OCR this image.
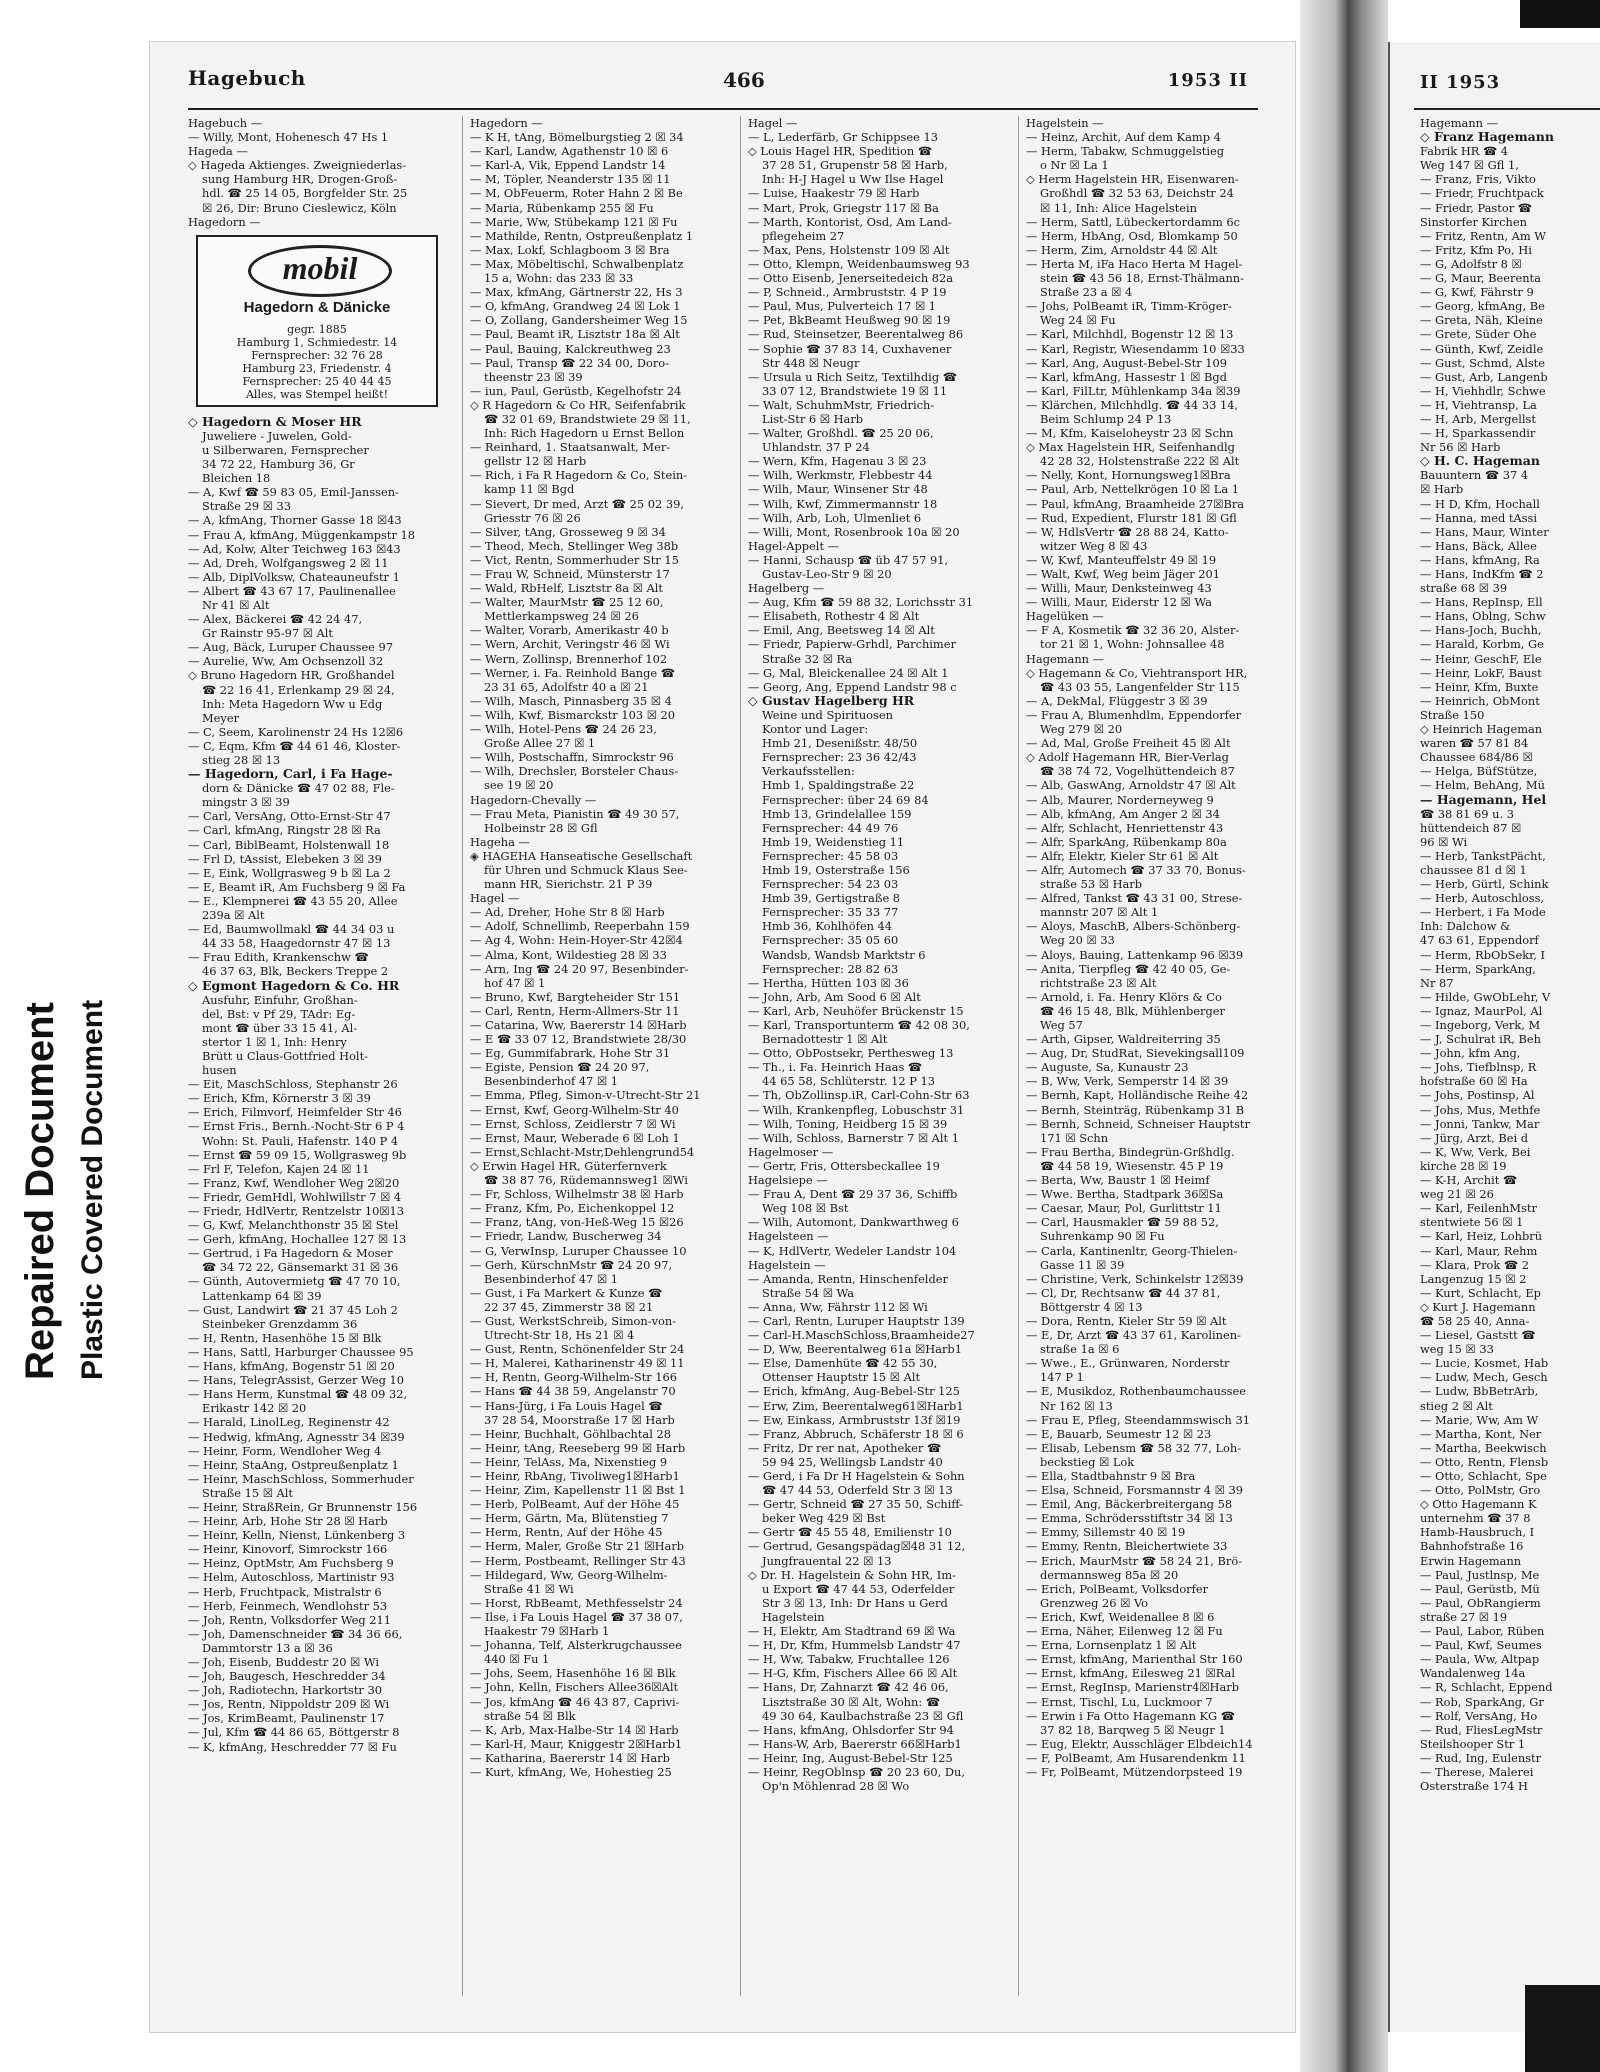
Hagebuch	466	1953 II
Hagebuch —
— Willy, Mont, Hohenesch 47 Hs 1
Hageda —
◇ Hageda Aktienges. Zweigniederlas-
sung Hamburg HR, Drogen-Groß-
hdl. ☎ 25 14 05, Borgfelder Str. 25
☒ 26, Dir: Bruno Cieslewicz, Köln
Hagedorn —
mobil
Hagedorn & Dänicke
gegr. 1885
Hamburg 1, Schmiedestr. 14
Fernsprecher: 32 76 28
Hamburg 23, Friedenstr. 4
Fernsprecher: 25 40 44 45
Alles, was Stempel heißt!
◇ Hagedorn & Moser HR
Juweliere - Juwelen, Gold-
u Silberwaren, Fernsprecher
34 72 22, Hamburg 36, Gr
Bleichen 18
— A, Kwf ☎ 59 83 05, Emil-Janssen-
Straße 29 ☒ 33
— A, kfmAng, Thorner Gasse 18 ☒43
— Frau A, kfmAng, Müggenkampstr 18
— Ad, Kolw, Alter Teichweg 163 ☒43
— Ad, Dreh, Wolfgangsweg 2 ☒ 11
— Alb, DiplVolksw, Chateauneufstr 1
— Albert ☎ 43 67 17, Paulinenallee
Nr 41 ☒ Alt
— Alex, Bäckerei ☎ 42 24 47,
Gr Rainstr 95-97 ☒ Alt
— Aug, Bäck, Luruper Chaussee 97
— Aurelie, Ww, Am Ochsenzoll 32
◇ Bruno Hagedorn HR, Großhandel
☎ 22 16 41, Erlenkamp 29 ☒ 24,
Inh: Meta Hagedorn Ww u Edg
Meyer
— C, Seem, Karolinenstr 24 Hs 12☒6
— C, Eqm, Kfm ☎ 44 61 46, Kloster-
stieg 28 ☒ 13
— Hagedorn, Carl, i Fa Hage-
dorn & Dänicke ☎ 47 02 88, Fle-
mingstr 3 ☒ 39
— Carl, VersAng, Otto-Ernst-Str 47
— Carl, kfmAng, Ringstr 28 ☒ Ra
— Carl, BiblBeamt, Holstenwall 18
— Frl D, tAssist, Elebeken 3 ☒ 39
— E, Eink, Wollgrasweg 9 b ☒ La 2
— E, Beamt iR, Am Fuchsberg 9 ☒ Fa
— E., Klempnerei ☎ 43 55 20, Allee
239a ☒ Alt
— Ed, Baumwollmakl ☎ 44 34 03 u
44 33 58, Haagedornstr 47 ☒ 13
— Frau Edith, Krankenschw ☎
46 37 63, Blk, Beckers Treppe 2
◇ Egmont Hagedorn & Co. HR
Ausfuhr, Einfuhr, Großhan-
del, Bst: v Pf 29, TAdr: Eg-
mont ☎ über 33 15 41, Al-
stertor 1 ☒ 1, Inh: Henry
Brütt u Claus-Gottfried Holt-
husen
— Eit, MaschSchloss, Stephanstr 26
— Erich, Kfm, Körnerstr 3 ☒ 39
— Erich, Filmvorf, Heimfelder Str 46
— Ernst Fris., Bernh.-Nocht-Str 6 P 4
Wohn: St. Pauli, Hafenstr. 140 P 4
— Ernst ☎ 59 09 15, Wollgrasweg 9b
— Frl F, Telefon, Kajen 24 ☒ 11
— Franz, Kwf, Wendloher Weg 2☒20
— Friedr, GemHdl, Wohlwillstr 7 ☒ 4
— Friedr, HdlVertr, Rentzelstr 10☒13
— G, Kwf, Melanchthonstr 35 ☒ Stel
— Gerh, kfmAng, Hochallee 127 ☒ 13
— Gertrud, i Fa Hagedorn & Moser
☎ 34 72 22, Gänsemarkt 31 ☒ 36
— Günth, Autovermietg ☎ 47 70 10,
Lattenkamp 64 ☒ 39
— Gust, Landwirt ☎ 21 37 45 Loh 2
Steinbeker Grenzdamm 36
— H, Rentn, Hasenhöhe 15 ☒ Blk
— Hans, Sattl, Harburger Chaussee 95
— Hans, kfmAng, Bogenstr 51 ☒ 20
— Hans, TelegrAssist, Gerzer Weg 10
— Hans Herm, Kunstmal ☎ 48 09 32,
Erikastr 142 ☒ 20
— Harald, LinolLeg, Reginenstr 42
— Hedwig, kfmAng, Agnesstr 34 ☒39
— Heinr, Form, Wendloher Weg 4
— Heinr, StaAng, Ostpreußenplatz 1
— Heinr, MaschSchloss, Sommerhuder
Straße 15 ☒ Alt
— Heinr, StraßRein, Gr Brunnenstr 156
— Heinr, Arb, Hohe Str 28 ☒ Harb
— Heinr, Kelln, Nienst, Lünkenberg 3
— Heinr, Kinovorf, Simrockstr 166
— Heinz, OptMstr, Am Fuchsberg 9
— Helm, Autoschloss, Martinistr 93
— Herb, Fruchtpack, Mistralstr 6
— Herb, Feinmech, Wendlohstr 53
— Joh, Rentn, Volksdorfer Weg 211
— Joh, Damenschneider ☎ 34 36 66,
Dammtorstr 13 a ☒ 36
— Joh, Eisenb, Buddestr 20 ☒ Wi
— Joh, Baugesch, Heschredder 34
— Joh, Radiotechn, Harkortstr 30
— Jos, Rentn, Nippoldstr 209 ☒ Wi
— Jos, KrimBeamt, Paulinenstr 17
— Jul, Kfm ☎ 44 86 65, Böttgerstr 8
— K, kfmAng, Heschredder 77 ☒ Fu
Hagedorn —
— K H, tAng, Bömelburgstieg 2 ☒ 34
— Karl, Landw, Agathenstr 10 ☒ 6
— Karl-A, Vik, Eppend Landstr 14
— M, Töpler, Neanderstr 135 ☒ 11
— M, ObFeuerm, Roter Hahn 2 ☒ Be
— Maria, Rübenkamp 255 ☒ Fu
— Marie, Ww, Stübekamp 121 ☒ Fu
— Mathilde, Rentn, Ostpreußenplatz 1
— Max, Lokf, Schlagboom 3 ☒ Bra
— Max, Möbeltischl, Schwalbenplatz
15 a, Wohn: das 233 ☒ 33
— Max, kfmAng, Gärtnerstr 22, Hs 3
— O, kfmAng, Grandweg 24 ☒ Lok 1
— O, Zollang, Gandersheimer Weg 15
— Paul, Beamt iR, Lisztstr 18a ☒ Alt
— Paul, Bauing, Kalckreuthweg 23
— Paul, Transp ☎ 22 34 00, Doro-
theenstr 23 ☒ 39
— iun, Paul, Gerüstb, Kegelhofstr 24
◇ R Hagedorn & Co HR, Seifenfabrik
☎ 32 01 69, Brandstwiete 29 ☒ 11,
Inh: Rich Hagedorn u Ernst Bellon
— Reinhard, 1. Staatsanwalt, Mer-
gellstr 12 ☒ Harb
— Rich, i Fa R Hagedorn & Co, Stein-
kamp 11 ☒ Bgd
— Sievert, Dr med, Arzt ☎ 25 02 39,
Griesstr 76 ☒ 26
— Silver, tAng, Grosseweg 9 ☒ 34
— Theod, Mech, Stellinger Weg 38b
— Vict, Rentn, Sommerhuder Str 15
— Frau W, Schneid, Münsterstr 17
— Wald, RbHelf, Lisztstr 8a ☒ Alt
— Walter, MaurMstr ☎ 25 12 60,
Mettlerkampsweg 24 ☒ 26
— Walter, Vorarb, Amerikastr 40 b
— Wern, Archit, Veringstr 46 ☒ Wi
— Wern, Zollinsp, Brennerhof 102
— Werner, i. Fa. Reinhold Bange ☎
23 31 65, Adolfstr 40 a ☒ 21
— Wilh, Masch, Pinnasberg 35 ☒ 4
— Wilh, Kwf, Bismarckstr 103 ☒ 20
— Wilh, Hotel-Pens ☎ 24 26 23,
Große Allee 27 ☒ 1
— Wilh, Postschaffn, Simrockstr 96
— Wilh, Drechsler, Borsteler Chaus-
see 19 ☒ 20
Hagedorn-Chevally —
— Frau Meta, Pianistin ☎ 49 30 57,
Holbeinstr 28 ☒ Gfl
Hageha —
◈ HAGEHA Hanseatische Gesellschaft
für Uhren und Schmuck Klaus See-
mann HR, Sierichstr. 21 P 39
Hagel —
— Ad, Dreher, Hohe Str 8 ☒ Harb
— Adolf, Schnellimb, Reeperbahn 159
— Ag 4, Wohn: Hein-Hoyer-Str 42☒4
— Alma, Kont, Wildestieg 28 ☒ 33
— Arn, Ing ☎ 24 20 97, Besenbinder-
hof 47 ☒ 1
— Bruno, Kwf, Bargteheider Str 151
— Carl, Rentn, Herm-Allmers-Str 11
— Catarina, Ww, Baererstr 14 ☒Harb
— E ☎ 33 07 12, Brandstwiete 28/30
— Eg, Gummifabrark, Hohe Str 31
— Egiste, Pension ☎ 24 20 97,
Besenbinderhof 47 ☒ 1
— Emma, Pfleg, Simon-v-Utrecht-Str 21
— Ernst, Kwf, Georg-Wilhelm-Str 40
— Ernst, Schloss, Zeidlerstr 7 ☒ Wi
— Ernst, Maur, Weberade 6 ☒ Loh 1
— Ernst,Schlacht-Mstr,Dehlengrund54
◇ Erwin Hagel HR, Güterfernverk
☎ 38 87 76, Rüdemannsweg1 ☒Wi
— Fr, Schloss, Wilhelmstr 38 ☒ Harb
— Franz, Kfm, Po, Eichenkoppel 12
— Franz, tAng, von-Heß-Weg 15 ☒26
— Friedr, Landw, Buscherweg 34
— G, VerwInsp, Luruper Chaussee 10
— Gerh, KürschnMstr ☎ 24 20 97,
Besenbinderhof 47 ☒ 1
— Gust, i Fa Markert & Kunze ☎
22 37 45, Zimmerstr 38 ☒ 21
— Gust, WerkstSchreib, Simon-von-
Utrecht-Str 18, Hs 21 ☒ 4
— Gust, Rentn, Schönenfelder Str 24
— H, Malerei, Katharinenstr 49 ☒ 11
— H, Rentn, Georg-Wilhelm-Str 166
— Hans ☎ 44 38 59, Angelanstr 70
— Hans-Jürg, i Fa Louis Hagel ☎
37 28 54, Moorstraße 17 ☒ Harb
— Heinr, Buchhalt, Göhlbachtal 28
— Heinr, tAng, Reeseberg 99 ☒ Harb
— Heinr, TelAss, Ma, Nixenstieg 9
— Heinr, RbAng, Tivoliweg1☒Harb1
— Heinr, Zim, Kapellenstr 11 ☒ Bst 1
— Herb, PolBeamt, Auf der Höhe 45
— Herm, Gärtn, Ma, Blütenstieg 7
— Herm, Rentn, Auf der Höhe 45
— Herm, Maler, Große Str 21 ☒Harb
— Herm, Postbeamt, Rellinger Str 43
— Hildegard, Ww, Georg-Wilhelm-
Straße 41 ☒ Wi
— Horst, RbBeamt, Methfesselstr 24
— Ilse, i Fa Louis Hagel ☎ 37 38 07,
Haakestr 79 ☒Harb 1
— Johanna, Telf, Alsterkrugchaussee
440 ☒ Fu 1
— Johs, Seem, Hasenhöhe 16 ☒ Blk
— John, Kelln, Fischers Allee36☒Alt
— Jos, kfmAng ☎ 46 43 87, Caprivi-
straße 54 ☒ Blk
— K, Arb, Max-Halbe-Str 14 ☒ Harb
— Karl-H, Maur, Kniggestr 2☒Harb1
— Katharina, Baererstr 14 ☒ Harb
— Kurt, kfmAng, We, Hohestieg 25
Hagel —
— L, Lederfärb, Gr Schippsee 13
◇ Louis Hagel HR, Spedition ☎
37 28 51, Grupenstr 58 ☒ Harb,
Inh: H-J Hagel u Ww Ilse Hagel
— Luise, Haakestr 79 ☒ Harb
— Mart, Prok, Griegstr 117 ☒ Ba
— Marth, Kontorist, Osd, Am Land-
pflegeheim 27
— Max, Pens, Holstenstr 109 ☒ Alt
— Otto, Klempn, Weidenbaumsweg 93
— Otto Eisenb, Jenerseitedeich 82a
— P, Schneid., Armbruststr. 4 P 19
— Paul, Mus, Pulverteich 17 ☒ 1
— Pet, BkBeamt Heußweg 90 ☒ 19
— Rud, Steinsetzer, Beerentalweg 86
— Sophie ☎ 37 83 14, Cuxhavener
Str 448 ☒ Neugr
— Ursula u Rich Seitz, Textilhdig ☎
33 07 12, Brandstwiete 19 ☒ 11
— Walt, SchuhmMstr, Friedrich-
List-Str 6 ☒ Harb
— Walter, Großhdl. ☎ 25 20 06,
Uhlandstr. 37 P 24
— Wern, Kfm, Hagenau 3 ☒ 23
— Wilh, Werkmstr, Flebbestr 44
— Wilh, Maur, Winsener Str 48
— Wilh, Kwf, Zimmermannstr 18
— Wilh, Arb, Loh, Ulmenliet 6
— Willi, Mont, Rosenbrook 10a ☒ 20
Hagel-Appelt —
— Hanni, Schausp ☎ üb 47 57 91,
Gustav-Leo-Str 9 ☒ 20
Hagelberg —
— Aug, Kfm ☎ 59 88 32, Lorichsstr 31
— Elisabeth, Rothestr 4 ☒ Alt
— Emil, Ang, Beetsweg 14 ☒ Alt
— Friedr, Papierw-Grhdl, Parchimer
Straße 32 ☒ Ra
— G, Mal, Bleickenallee 24 ☒ Alt 1
— Georg, Ang, Eppend Landstr 98 c
◇ Gustav Hagelberg HR
Weine und Spirituosen
Kontor und Lager:
Hmb 21, Desenißstr. 48/50
Fernsprecher: 23 36 42/43
Verkaufsstellen:
Hmb 1, Spaldingstraße 22
Fernsprecher: über 24 69 84
Hmb 13, Grindelallee 159
Fernsprecher: 44 49 76
Hmb 19, Weidenstieg 11
Fernsprecher: 45 58 03
Hmb 19, Osterstraße 156
Fernsprecher: 54 23 03
Hmb 39, Gertigstraße 8
Fernsprecher: 35 33 77
Hmb 36, Kohlhöfen 44
Fernsprecher: 35 05 60
Wandsb, Wandsb Marktstr 6
Fernsprecher: 28 82 63
— Hertha, Hütten 103 ☒ 36
— John, Arb, Am Sood 6 ☒ Alt
— Karl, Arb, Neuhöfer Brückenstr 15
— Karl, Transportunterm ☎ 42 08 30,
Bernadottestr 1 ☒ Alt
— Otto, ObPostsekr, Perthesweg 13
— Th., i. Fa. Heinrich Haas ☎
44 65 58, Schlüterstr. 12 P 13
— Th, ObZollinsp.iR, Carl-Cohn-Str 63
— Wilh, Krankenpfleg, Lobuschstr 31
— Wilh, Toning, Heidberg 15 ☒ 39
— Wilh, Schloss, Barnerstr 7 ☒ Alt 1
Hagelmoser —
— Gertr, Fris, Ottersbeckallee 19
Hagelsiepe —
— Frau A, Dent ☎ 29 37 36, Schiffb
Weg 108 ☒ Bst
— Wilh, Automont, Dankwarthweg 6
Hagelsteen —
— K, HdlVertr, Wedeler Landstr 104
Hagelstein —
— Amanda, Rentn, Hinschenfelder
Straße 54 ☒ Wa
— Anna, Ww, Fährstr 112 ☒ Wi
— Carl, Rentn, Luruper Hauptstr 139
— Carl-H.MaschSchloss,Braamheide27
— D, Ww, Beerentalweg 61a ☒Harb1
— Else, Damenhüte ☎ 42 55 30,
Ottenser Hauptstr 15 ☒ Alt
— Erich, kfmAng, Aug-Bebel-Str 125
— Erw, Zim, Beerentalweg61☒Harb1
— Ew, Einkass, Armbruststr 13f ☒19
— Franz, Abbruch, Schäferstr 18 ☒ 6
— Fritz, Dr rer nat, Apotheker ☎
59 94 25, Wellingsb Landstr 40
— Gerd, i Fa Dr H Hagelstein & Sohn
☎ 47 44 53, Oderfeld Str 3 ☒ 13
— Gertr, Schneid ☎ 27 35 50, Schiff-
beker Weg 429 ☒ Bst
— Gertr ☎ 45 55 48, Emilienstr 10
— Gertrud, Gesangspädag☒48 31 12,
Jungfrauental 22 ☒ 13
◇ Dr. H. Hagelstein & Sohn HR, Im-
u Export ☎ 47 44 53, Oderfelder
Str 3 ☒ 13, Inh: Dr Hans u Gerd
Hagelstein
— H, Elektr, Am Stadtrand 69 ☒ Wa
— H, Dr, Kfm, Hummelsb Landstr 47
— H, Ww, Tabakw, Fruchtallee 126
— H-G, Kfm, Fischers Allee 66 ☒ Alt
— Hans, Dr, Zahnarzt ☎ 42 46 06,
Lisztstraße 30 ☒ Alt, Wohn: ☎
49 30 64, Kaulbachstraße 23 ☒ Gfl
— Hans, kfmAng, Ohlsdorfer Str 94
— Hans-W, Arb, Baererstr 66☒Harb1
— Heinr, Ing, August-Bebel-Str 125
— Heinr, RegOblnsp ☎ 20 23 60, Du,
Op'n Möhlenrad 28 ☒ Wo
Hagelstein —
— Heinz, Archit, Auf dem Kamp 4
— Herm, Tabakw, Schmuggelstieg
o Nr ☒ La 1
◇ Herm Hagelstein HR, Eisenwaren-
Großhdl ☎ 32 53 63, Deichstr 24
☒ 11, Inh: Alice Hagelstein
— Herm, Sattl, Lübeckertordamm 6c
— Herm, HbAng, Osd, Blomkamp 50
— Herm, Zim, Arnoldstr 44 ☒ Alt
— Herta M, iFa Haco Herta M Hagel-
stein ☎ 43 56 18, Ernst-Thälmann-
Straße 23 a ☒ 4
— Johs, PolBeamt iR, Timm-Kröger-
Weg 24 ☒ Fu
— Karl, Milchhdl, Bogenstr 12 ☒ 13
— Karl, Registr, Wiesendamm 10 ☒33
— Karl, Ang, August-Bebel-Str 109
— Karl, kfmAng, Hassestr 1 ☒ Bgd
— Karl, FilLtr, Mühlenkamp 34a ☒39
— Klärchen, Milchhdlg. ☎ 44 33 14,
Beim Schlump 24 P 13
— M, Kfm, Kaiseloheystr 23 ☒ Schn
◇ Max Hagelstein HR, Seifenhandlg
42 28 32, Holstenstraße 222 ☒ Alt
— Nelly, Kont, Hornungsweg1☒Bra
— Paul, Arb, Nettelkrögen 10 ☒ La 1
— Paul, kfmAng, Braamheide 27☒Bra
— Rud, Expedient, Flurstr 181 ☒ Gfl
— W, HdlsVertr ☎ 28 88 24, Katto-
witzer Weg 8 ☒ 43
— W, Kwf, Manteuffelstr 49 ☒ 19
— Walt, Kwf, Weg beim Jäger 201
— Willi, Maur, Denksteinweg 43
— Willi, Maur, Eiderstr 12 ☒ Wa
Hagelüken —
— F A, Kosmetik ☎ 32 36 20, Alster-
tor 21 ☒ 1, Wohn: Johnsallee 48
Hagemann —
◇ Hagemann & Co, Viehtransport HR,
☎ 43 03 55, Langenfelder Str 115
— A, DekMal, Flüggestr 3 ☒ 39
— Frau A, Blumenhdlm, Eppendorfer
Weg 279 ☒ 20
— Ad, Mal, Große Freiheit 45 ☒ Alt
◇ Adolf Hagemann HR, Bier-Verlag
☎ 38 74 72, Vogelhüttendeich 87
— Alb, GaswAng, Arnoldstr 47 ☒ Alt
— Alb, Maurer, Norderneyweg 9
— Alb, kfmAng, Am Anger 2 ☒ 34
— Alfr, Schlacht, Henriettenstr 43
— Alfr, SparkAng, Rübenkamp 80a
— Alfr, Elektr, Kieler Str 61 ☒ Alt
— Alfr, Automech ☎ 37 33 70, Bonus-
straße 53 ☒ Harb
— Alfred, Tankst ☎ 43 31 00, Strese-
mannstr 207 ☒ Alt 1
— Aloys, MaschB, Albers-Schönberg-
Weg 20 ☒ 33
— Aloys, Bauing, Lattenkamp 96 ☒39
— Anita, Tierpfleg ☎ 42 40 05, Ge-
richtstraße 23 ☒ Alt
— Arnold, i. Fa. Henry Klörs & Co
☎ 46 15 48, Blk, Mühlenberger
Weg 57
— Arth, Gipser, Waldreiterring 35
— Aug, Dr, StudRat, Sievekingsall109
— Auguste, Sa, Kunaustr 23
— B, Ww, Verk, Semperstr 14 ☒ 39
— Bernh, Kapt, Holländische Reihe 42
— Bernh, Steinträg, Rübenkamp 31 B
— Bernh, Schneid, Schneiser Hauptstr
171 ☒ Schn
— Frau Bertha, Bindegrün-Grßhdlg.
☎ 44 58 19, Wiesenstr. 45 P 19
— Berta, Ww, Baustr 1 ☒ Heimf
— Wwe. Bertha, Stadtpark 36☒Sa
— Caesar, Maur, Pol, Gurlittstr 11
— Carl, Hausmakler ☎ 59 88 52,
Suhrenkamp 90 ☒ Fu
— Carla, Kantinenltr, Georg-Thielen-
Gasse 11 ☒ 39
— Christine, Verk, Schinkelstr 12☒39
— Cl, Dr, Rechtsanw ☎ 44 37 81,
Böttgerstr 4 ☒ 13
— Dora, Rentn, Kieler Str 59 ☒ Alt
— E, Dr, Arzt ☎ 43 37 61, Karolinen-
straße 1a ☒ 6
— Wwe., E., Grünwaren, Norderstr
147 P 1
— E, Musikdoz, Rothenbaumchaussee
Nr 162 ☒ 13
— Frau E, Pfleg, Steendammswisch 31
— E, Bauarb, Seumestr 12 ☒ 23
— Elisab, Lebensm ☎ 58 32 77, Loh-
beckstieg ☒ Lok
— Ella, Stadtbahnstr 9 ☒ Bra
— Elsa, Schneid, Forsmannstr 4 ☒ 39
— Emil, Ang, Bäckerbreitergang 58
— Emma, Schrödersstiftstr 34 ☒ 13
— Emmy, Sillemstr 40 ☒ 19
— Emmy, Rentn, Bleichertwiete 33
— Erich, MaurMstr ☎ 58 24 21, Brö-
dermannsweg 85a ☒ 20
— Erich, PolBeamt, Volksdorfer
Grenzweg 26 ☒ Vo
— Erich, Kwf, Weidenallee 8 ☒ 6
— Erna, Näher, Eilenweg 12 ☒ Fu
— Erna, Lornsenplatz 1 ☒ Alt
— Ernst, kfmAng, Marienthal Str 160
— Ernst, kfmAng, Eilesweg 21 ☒Ral
— Ernst, RegInsp, Marienstr4☒Harb
— Ernst, Tischl, Lu, Luckmoor 7
— Erwin i Fa Otto Hagemann KG ☎
37 82 18, Barqweg 5 ☒ Neugr 1
— Eug, Elektr, Ausschläger Elbdeich14
— F, PolBeamt, Am Husarendenkm 11
— Fr, PolBeamt, Mützendorpsteed 19
II 1953
Hagemann —
◇ Franz Hagemann
Fabrik HR ☎ 4
Weg 147 ☒ Gfl 1,
— Franz, Fris, Vikto
— Friedr, Fruchtpack
— Friedr, Pastor ☎
Sinstorfer Kirchen
— Fritz, Rentn, Am W
— Fritz, Kfm Po, Hi
— G, Adolfstr 8 ☒
— G, Maur, Beerenta
— G, Kwf, Fährstr 9
— Georg, kfmAng, Be
— Greta, Näh, Kleine
— Grete, Süder Ohe
— Günth, Kwf, Zeidle
— Gust, Schmd, Alste
— Gust, Arb, Langenb
— H, Viehhdlr, Schwe
— H, Viehtransp, La
— H, Arb, Mergellst
— H, Sparkassendir
Nr 56 ☒ Harb
◇ H. C. Hageman
Bauuntern ☎ 37 4
☒ Harb
— H D, Kfm, Hochall
— Hanna, med tAssi
— Hans, Maur, Winter
— Hans, Bäck, Allee
— Hans, kfmAng, Ra
— Hans, IndKfm ☎ 2
straße 68 ☒ 39
— Hans, RepInsp, Ell
— Hans, Oblng, Schw
— Hans-Joch, Buchh,
— Harald, Korbm, Ge
— Heinr, GeschF, Ele
— Heinr, LokF, Baust
— Heinr, Kfm, Buxte
— Heinrich, ObMont
Straße 150
◇ Heinrich Hageman
waren ☎ 57 81 84
Chaussee 684/86 ☒
— Helga, BüfStütze,
— Helm, BehAng, Mü
— Hagemann, Hel
☎ 38 81 69 u. 3
hüttendeich 87 ☒
96 ☒ Wi
— Herb, TankstPächt,
chaussee 81 d ☒ 1
— Herb, Gürtl, Schink
— Herb, Autoschloss,
— Herbert, i Fa Mode
Inh: Dalchow &
47 63 61, Eppendorf
— Herm, RbObSekr, I
— Herm, SparkAng,
Nr 87
— Hilde, GwObLehr, V
— Ignaz, MaurPol, Al
— Ingeborg, Verk, M
— J, Schulrat iR, Beh
— John, kfm Ang,
— Johs, Tiefblnsp, R
hofstraße 60 ☒ Ha
— Johs, Postinsp, Al
— Johs, Mus, Methfe
— Jonni, Tankw, Mar
— Jürg, Arzt, Bei d
— K, Ww, Verk, Bei
kirche 28 ☒ 19
— K-H, Archit ☎
weg 21 ☒ 26
— Karl, FeilenhMstr
stentwiete 56 ☒ 1
— Karl, Heiz, Lohbrü
— Karl, Maur, Rehm
— Klara, Prok ☎ 2
Langenzug 15 ☒ 2
— Kurt, Schlacht, Ep
◇ Kurt J. Hagemann
☎ 58 25 40, Anna-
— Liesel, Gaststt ☎
weg 15 ☒ 33
— Lucie, Kosmet, Hab
— Ludw, Mech, Gesch
— Ludw, BbBetrArb,
stieg 2 ☒ Alt
— Marie, Ww, Am W
— Martha, Kont, Ner
— Martha, Beekwisch
— Otto, Rentn, Flensb
— Otto, Schlacht, Spe
— Otto, PolMstr, Gro
◇ Otto Hagemann K
unternehm ☎ 37 8
Hamb-Hausbruch, I
Bahnhofstraße 16
Erwin Hagemann
— Paul, Justlnsp, Me
— Paul, Gerüstb, Mü
— Paul, ObRangierm
straße 27 ☒ 19
— Paul, Labor, Rüben
— Paul, Kwf, Seumes
— Paula, Ww, Altpap
Wandalenweg 14a
— R, Schlacht, Eppend
— Rob, SparkAng, Gr
— Rolf, VersAng, Ho
— Rud, FliesLegMstr
Steilshooper Str 1
— Rud, Ing, Eulenstr
— Therese, Malerei
Osterstraße 174 H
Repaired Document Plastic Covered Document
